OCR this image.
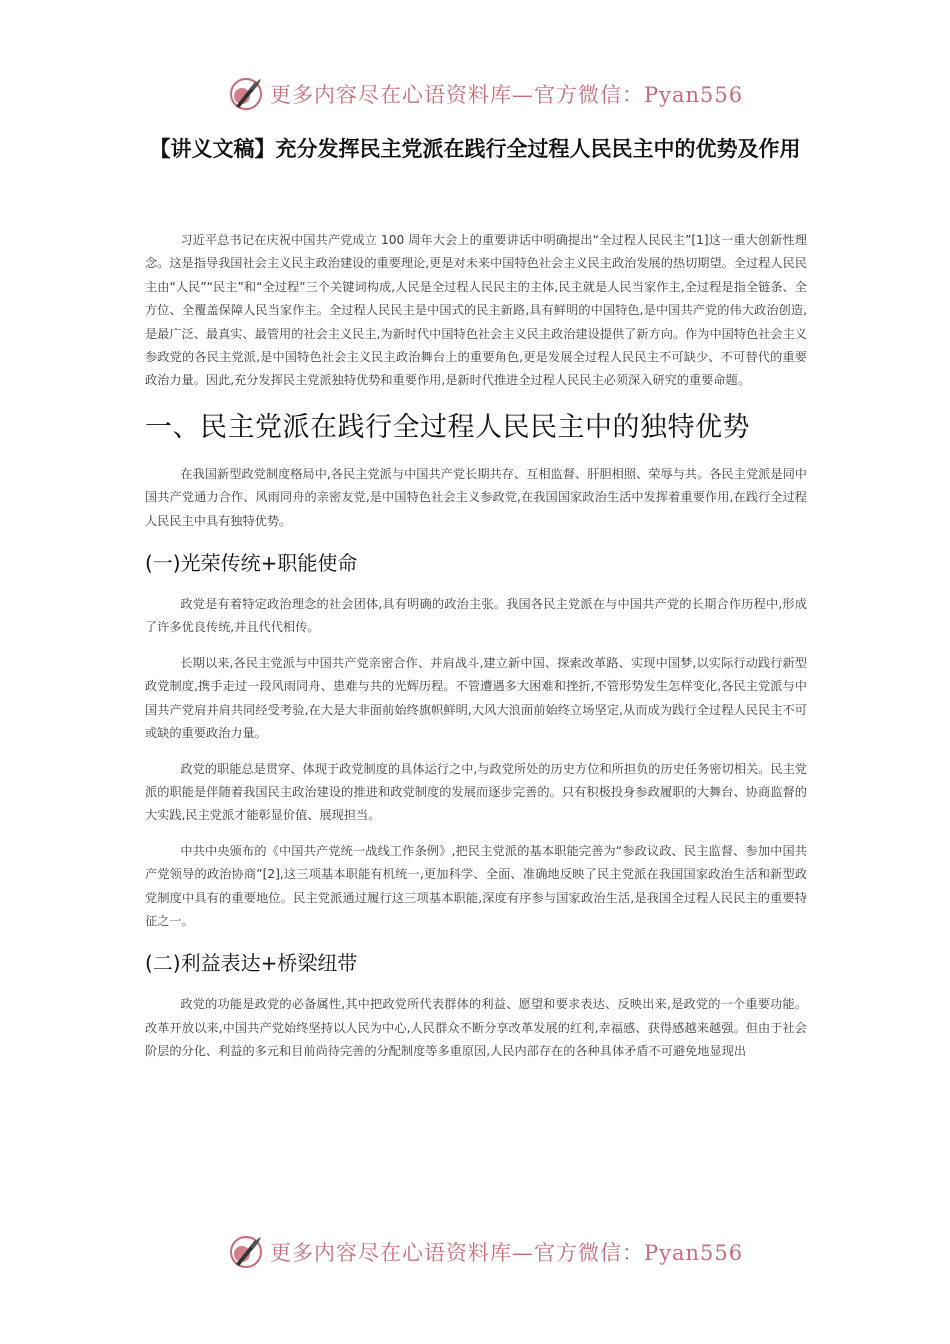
更多内容尽在心语资料库—官方微信：Pyan556
【讲义文稿】充分发挥民主党派在践行全过程人民民主中的优势及作用

习近平总书记在庆祝中国共产党成立 100 周年大会上的重要讲话中明确提出“全过程人民民主”[1]这一重大创新性理念。这是指导我国社会主义民主政治建设的重要理论,更是对未来中国特色社会主义民主政治发展的热切期望。全过程人民民主由“人民”“民主”和“全过程”三个关键词构成,人民是全过程人民民主的主体,民主就是人民当家作主,全过程是指全链条、全方位、全覆盖保障人民当家作主。全过程人民民主是中国式的民主新路,具有鲜明的中国特色,是中国共产党的伟大政治创造,是最广泛、最真实、最管用的社会主义民主,为新时代中国特色社会主义民主政治建设提供了新方向。作为中国特色社会主义参政党的各民主党派,是中国特色社会主义民主政治舞台上的重要角色,更是发展全过程人民民主不可缺少、不可替代的重要政治力量。因此,充分发挥民主党派独特优势和重要作用,是新时代推进全过程人民民主必须深入研究的重要命题。

一、民主党派在践行全过程人民民主中的独特优势

在我国新型政党制度格局中,各民主党派与中国共产党长期共存、互相监督、肝胆相照、荣辱与共。各民主党派是同中国共产党通力合作、风雨同舟的亲密友党,是中国特色社会主义参政党,在我国国家政治生活中发挥着重要作用,在践行全过程人民民主中具有独特优势。

(一)光荣传统+职能使命

政党是有着特定政治理念的社会团体,具有明确的政治主张。我国各民主党派在与中国共产党的长期合作历程中,形成了许多优良传统,并且代代相传。

长期以来,各民主党派与中国共产党亲密合作、并肩战斗,建立新中国、探索改革路、实现中国梦,以实际行动践行新型政党制度,携手走过一段风雨同舟、患难与共的光辉历程。不管遭遇多大困难和挫折,不管形势发生怎样变化,各民主党派与中国共产党肩并肩共同经受考验,在大是大非面前始终旗帜鲜明,大风大浪面前始终立场坚定,从而成为践行全过程人民民主不可或缺的重要政治力量。

政党的职能总是贯穿、体现于政党制度的具体运行之中,与政党所处的历史方位和所担负的历史任务密切相关。民主党派的职能是伴随着我国民主政治建设的推进和政党制度的发展而逐步完善的。只有积极投身参政履职的大舞台、协商监督的大实践,民主党派才能彰显价值、展现担当。

中共中央颁布的《中国共产党统一战线工作条例》,把民主党派的基本职能完善为“参政议政、民主监督、参加中国共产党领导的政治协商”[2],这三项基本职能有机统一,更加科学、全面、准确地反映了民主党派在我国国家政治生活和新型政党制度中具有的重要地位。民主党派通过履行这三项基本职能,深度有序参与国家政治生活,是我国全过程人民民主的重要特征之一。

(二)利益表达+桥梁纽带

政党的功能是政党的必备属性,其中把政党所代表群体的利益、愿望和要求表达、反映出来,是政党的一个重要功能。改革开放以来,中国共产党始终坚持以人民为中心,人民群众不断分享改革发展的红利,幸福感、获得感越来越强。但由于社会阶层的分化、利益的多元和目前尚待完善的分配制度等多重原因,人民内部存在的各种具体矛盾不可避免地显现出

更多内容尽在心语资料库—官方微信：Pyan556
